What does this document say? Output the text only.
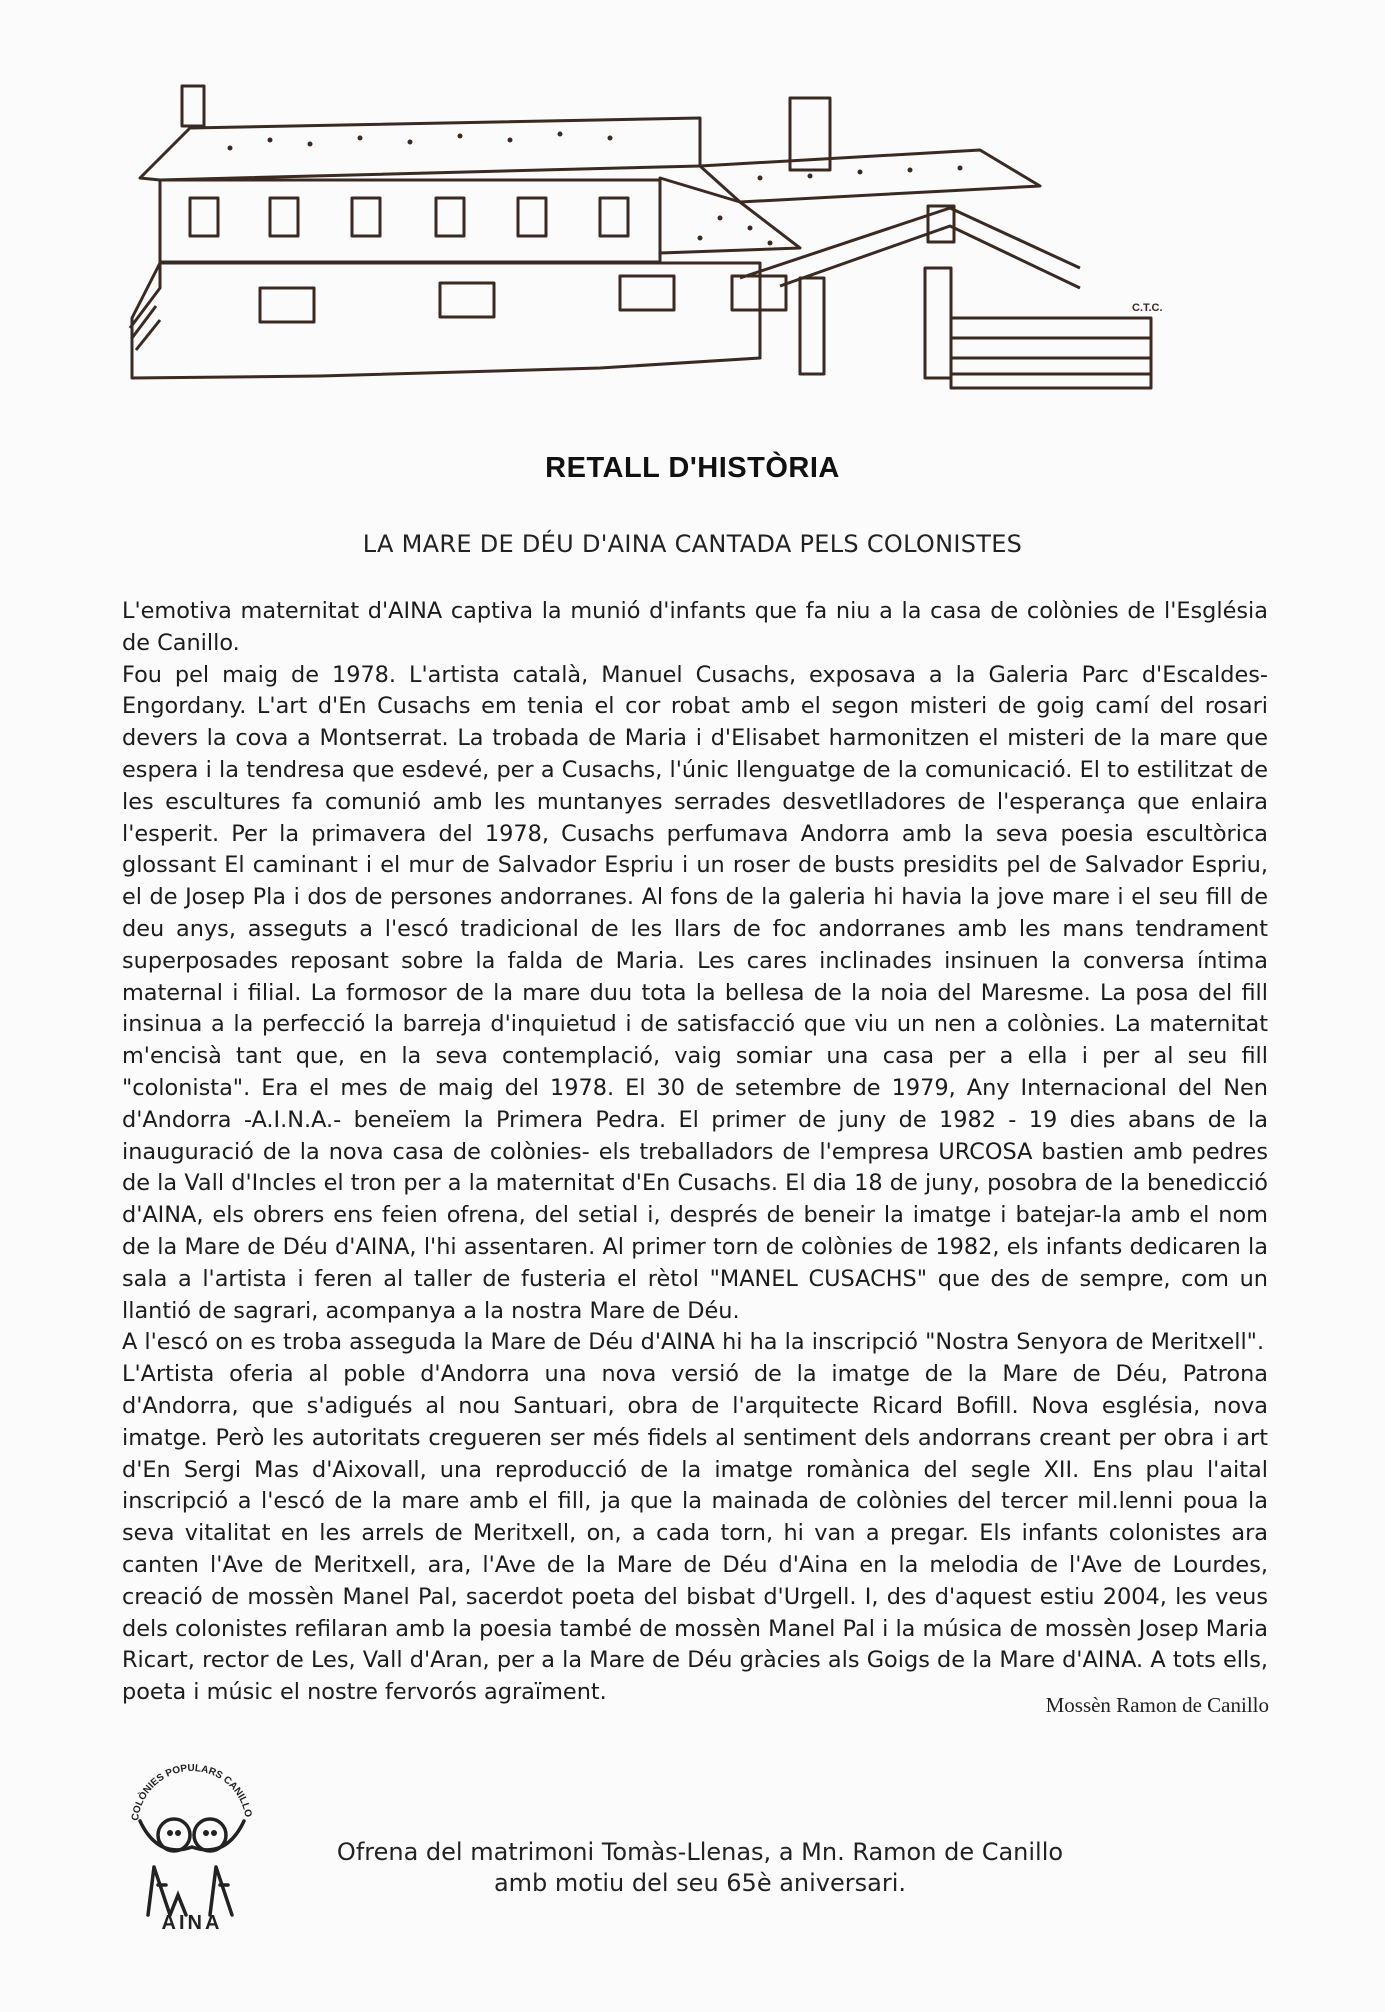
C.T.C.
RETALL D'HISTÒRIA
LA MARE DE DÉU D'AINA CANTADA PELS COLONISTES

L'emotiva maternitat d'AINA captiva la munió d'infants que fa niu a la casa de colònies de l'Església de Canillo.

Fou pel maig de 1978. L'artista català, Manuel Cusachs, exposava a la Galeria Parc d'Escaldes-Engordany. L'art d'En Cusachs em tenia el cor robat amb el segon misteri de goig camí del rosari devers la cova a Montserrat. La trobada de Maria i d'Elisabet harmonitzen el misteri de la mare que espera i la tendresa que esdevé, per a Cusachs, l'únic llenguatge de la comunicació. El to estilitzat de les escultures fa comunió amb les muntanyes serrades desvetlladores de l'esperança que enlaira l'esperit. Per la primavera del 1978, Cusachs perfumava Andorra amb la seva poesia escultòrica glossant El caminant i el mur de Salvador Espriu i un roser de busts presidits pel de Salvador Espriu, el de Josep Pla i dos de persones andorranes. Al fons de la galeria hi havia la jove mare i el seu fill de deu anys, asseguts a l'escó tradicional de les llars de foc andorranes amb les mans tendrament superposades reposant sobre la falda de Maria. Les cares inclinades insinuen la conversa íntima maternal i filial. La formosor de la mare duu tota la bellesa de la noia del Maresme. La posa del fill insinua a la perfecció la barreja d'inquietud i de satisfacció que viu un nen a colònies. La maternitat m'encisà tant que, en la seva contemplació, vaig somiar una casa per a ella i per al seu fill "colonista". Era el mes de maig del 1978. El 30 de setembre de 1979, Any Internacional del Nen d'Andorra -A.I.N.A.- beneïem la Primera Pedra. El primer de juny de 1982 - 19 dies abans de la inauguració de la nova casa de colònies- els treballadors de l'empresa URCOSA bastien amb pedres de la Vall d'Incles el tron per a la maternitat d'En Cusachs. El dia 18 de juny, posobra de la benedicció d'AINA, els obrers ens feien ofrena, del setial i, després de beneir la imatge i batejar-la amb el nom de la Mare de Déu d'AINA, l'hi assentaren. Al primer torn de colònies de 1982, els infants dedicaren la sala a l'artista i feren al taller de fusteria el rètol "MANEL CUSACHS" que des de sempre, com un llantió de sagrari, acompanya a la nostra Mare de Déu.

A l'escó on es troba asseguda la Mare de Déu d'AINA hi ha la inscripció "Nostra Senyora de Meritxell".

L'Artista oferia al poble d'Andorra una nova versió de la imatge de la Mare de Déu, Patrona d'Andorra, que s'adigués al nou Santuari, obra de l'arquitecte Ricard Bofill. Nova església, nova imatge. Però les autoritats cregueren ser més fidels al sentiment dels andorrans creant per obra i art d'En Sergi Mas d'Aixovall, una reproducció de la imatge romànica del segle XII. Ens plau l'aital inscripció a l'escó de la mare amb el fill, ja que la mainada de colònies del tercer mil.lenni poua la seva vitalitat en les arrels de Meritxell, on, a cada torn, hi van a pregar. Els infants colonistes ara canten l'Ave de Meritxell, ara, l'Ave de la Mare de Déu d'Aina en la melodia de l'Ave de Lourdes, creació de mossèn Manel Pal, sacerdot poeta del bisbat d'Urgell. I, des d'aquest estiu 2004, les veus dels colonistes refilaran amb la poesia també de mossèn Manel Pal i la música de mossèn Josep Maria Ricart, rector de Les, Vall d'Aran, per a la Mare de Déu gràcies als Goigs de la Mare d'AINA. A tots ells, poeta i músic el nostre fervorós agraïment.	Mossèn Ramon de Canillo
COLÒNIES POPULARS CANILLO
AINA
Ofrena del matrimoni Tomàs-Llenas, a Mn. Ramon de Canillo
amb motiu del seu 65è aniversari.
